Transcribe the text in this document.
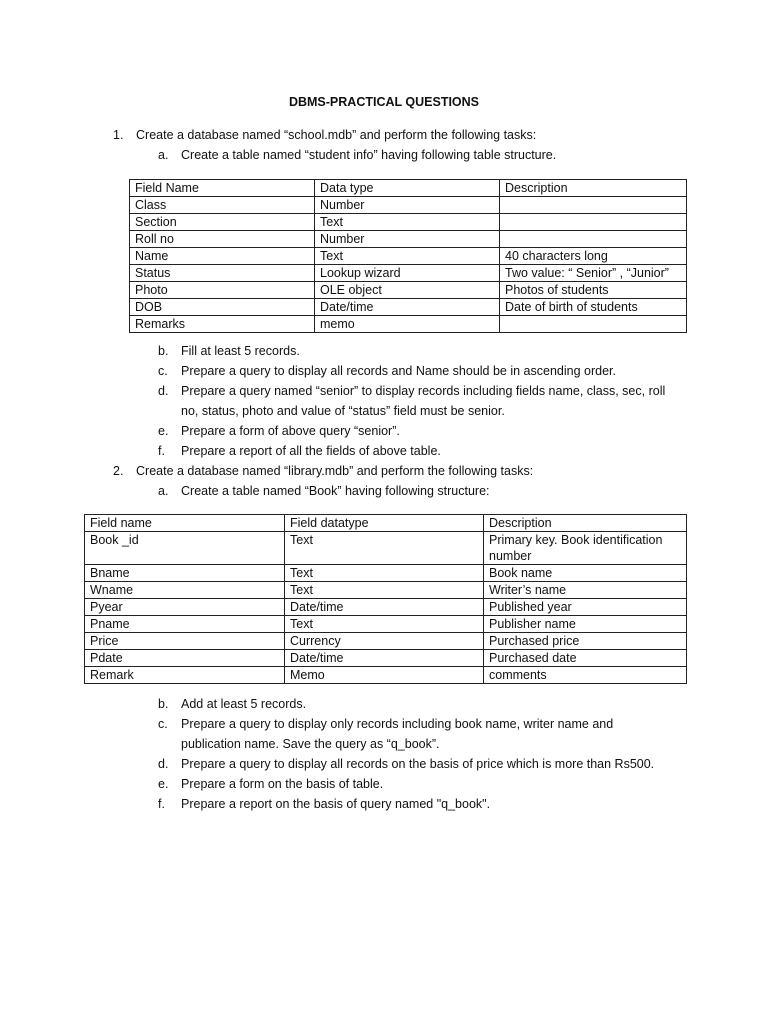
DBMS-PRACTICAL QUESTIONS
1. Create a database named “school.mdb” and perform the following tasks:
a. Create a table named “student info” having following table structure.
Field Name	Data type	Description
Class	Number	
Section	Text	
Roll no	Number	
Name	Text	40 characters long
Status	Lookup wizard	Two value: “ Senior” , “Junior”
Photo	OLE object	Photos of students
DOB	Date/time	Date of birth of students
Remarks	memo	
b. Fill at least 5 records.
c. Prepare a query to display all records and Name should be in ascending order.
d. Prepare a query named “senior” to display records including fields name, class, sec, roll
no, status, photo and value of “status” field must be senior.
e. Prepare a form of above query “senior”.
f. Prepare a report of all the fields of above table.
2. Create a database named “library.mdb” and perform the following tasks:
a. Create a table named “Book” having following structure:
Field name	Field datatype	Description
Book _id	Text	Primary key. Book identification number
Bname	Text	Book name
Wname	Text	Writer’s name
Pyear	Date/time	Published year
Pname	Text	Publisher name
Price	Currency	Purchased price
Pdate	Date/time	Purchased date
Remark	Memo	comments
b. Add at least 5 records.
c. Prepare a query to display only records including book name, writer name and
publication name. Save the query as “q_book”.
d. Prepare a query to display all records on the basis of price which is more than Rs500.
e. Prepare a form on the basis of table.
f. Prepare a report on the basis of query named "q_book".
